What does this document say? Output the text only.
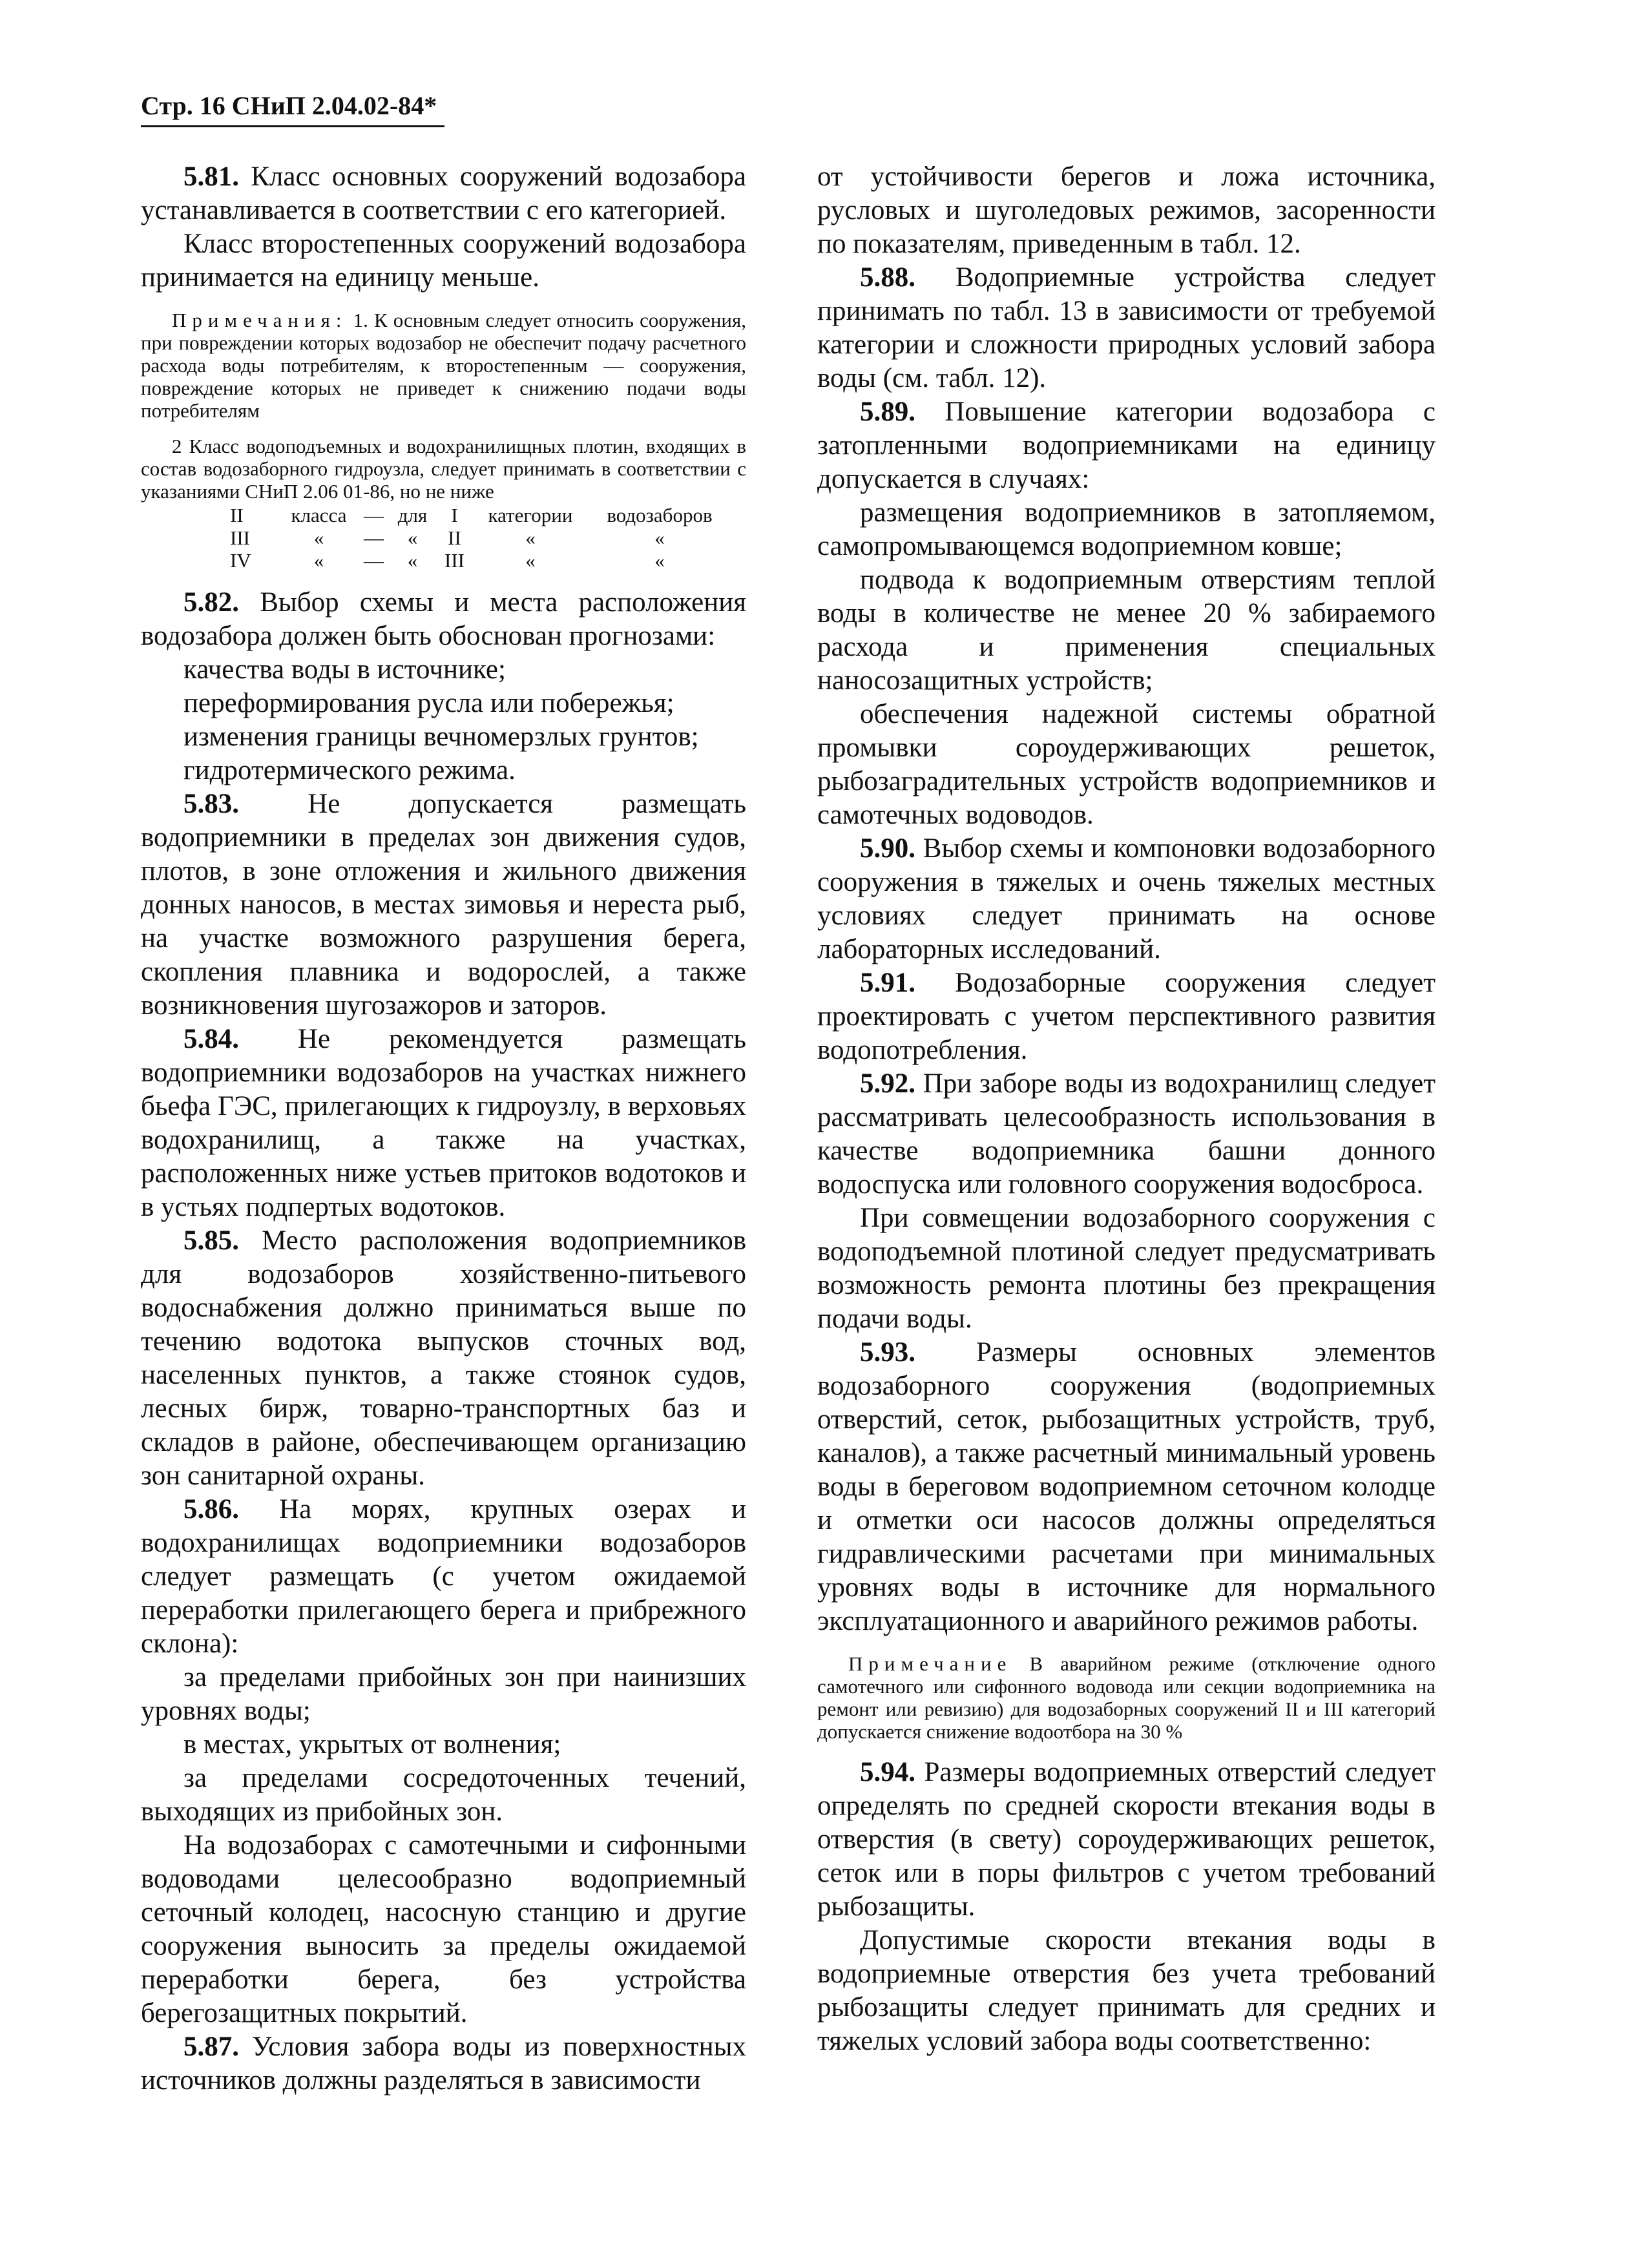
Стр. 16 СНиП 2.04.02-84*

5.81. Класс основных сооружений водозабора устанавливается в соответствии с его категорией.

Класс второстепенных сооружений водозабора принимается на единицу меньше.

Примечания: 1. К основным следует относить сооружения, при повреждении которых водозабор не обеспечит подачу расчетного расхода воды потребителям, к второстепенным — сооружения, повреждение которых не приведет к снижению подачи воды потребителям

2 Класс водоподъемных и водохранилищных плотин, входящих в состав водозаборного гидроузла, следует принимать в соответствии с указаниями СНиП 2.06 01-86, но не ниже

II	класса	—	для	I	категории	водозаборов
III	«	—	«	II	«	«
IV	«	—	«	III	«	«

5.82. Выбор схемы и места расположения водозабора должен быть обоснован прогнозами:

качества воды в источнике;

переформирования русла или побережья;

изменения границы вечномерзлых грунтов;

гидротермического режима.

5.83. Не допускается размещать водоприемники в пределах зон движения судов, плотов, в зоне отложения и жильного движения донных наносов, в местах зимовья и нереста рыб, на участке возможного разрушения берега, скопления плавника и водорослей, а также возникновения шугозажоров и заторов.

5.84. Не рекомендуется размещать водоприемники водозаборов на участках нижнего бьефа ГЭС, прилегающих к гидроузлу, в верховьях водохранилищ, а также на участках, расположенных ниже устьев притоков водотоков и в устьях подпертых водотоков.

5.85. Место расположения водоприемников для водозаборов хозяйственно-питьевого водоснабжения должно приниматься выше по течению водотока выпусков сточных вод, населенных пунктов, а также стоянок судов, лесных бирж, товарно-транспортных баз и складов в районе, обеспечивающем организацию зон санитарной охраны.

5.86. На морях, крупных озерах и водохранилищах водоприемники водозаборов следует размещать (с учетом ожидаемой переработки прилегающего берега и прибрежного склона):

за пределами прибойных зон при наинизших уровнях воды;

в местах, укрытых от волнения;

за пределами сосредоточенных течений, выходящих из прибойных зон.

На водозаборах с самотечными и сифонными водоводами целесообразно водоприемный сеточный колодец, насосную станцию и другие сооружения выносить за пределы ожидаемой переработки берега, без устройства берегозащитных покрытий.

5.87. Условия забора воды из поверхностных источников должны разделяться в зависимости

от устойчивости берегов и ложа источника, русловых и шуголедовых режимов, засоренности по показателям, приведенным в табл. 12.

5.88. Водоприемные устройства следует принимать по табл. 13 в зависимости от требуемой категории и сложности природных условий забора воды (см. табл. 12).

5.89. Повышение категории водозабора с затопленными водоприемниками на единицу допускается в случаях:

размещения водоприемников в затопляемом, самопромывающемся водоприемном ковше;

подвода к водоприемным отверстиям теплой воды в количестве не менее 20 % забираемого расхода и применения специальных наносозащитных устройств;

обеспечения надежной системы обратной промывки сороудерживающих решеток, рыбозаградительных устройств водоприемников и самотечных водоводов.

5.90. Выбор схемы и компоновки водозаборного сооружения в тяжелых и очень тяжелых местных условиях следует принимать на основе лабораторных исследований.

5.91. Водозаборные сооружения следует проектировать с учетом перспективного развития водопотребления.

5.92. При заборе воды из водохранилищ следует рассматривать целесообразность использования в качестве водоприемника башни донного водоспуска или головного сооружения водосброса.

При совмещении водозаборного сооружения с водоподъемной плотиной следует предусматривать возможность ремонта плотины без прекращения подачи воды.

5.93. Размеры основных элементов водозаборного сооружения (водоприемных отверстий, сеток, рыбозащитных устройств, труб, каналов), а также расчетный минимальный уровень воды в береговом водоприемном сеточном колодце и отметки оси насосов должны определяться гидравлическими расчетами при минимальных уровнях воды в источнике для нормального эксплуатационного и аварийного режимов работы.

Примечание В аварийном режиме (отключение одного самотечного или сифонного водовода или секции водоприемника на ремонт или ревизию) для водозаборных сооружений II и III категорий допускается снижение водоотбора на 30 %

5.94. Размеры водоприемных отверстий следует определять по средней скорости втекания воды в отверстия (в свету) сороудерживающих решеток, сеток или в поры фильтров с учетом требований рыбозащиты.

Допустимые скорости втекания воды в водоприемные отверстия без учета требований рыбозащиты следует принимать для средних и тяжелых условий забора воды соответственно:
